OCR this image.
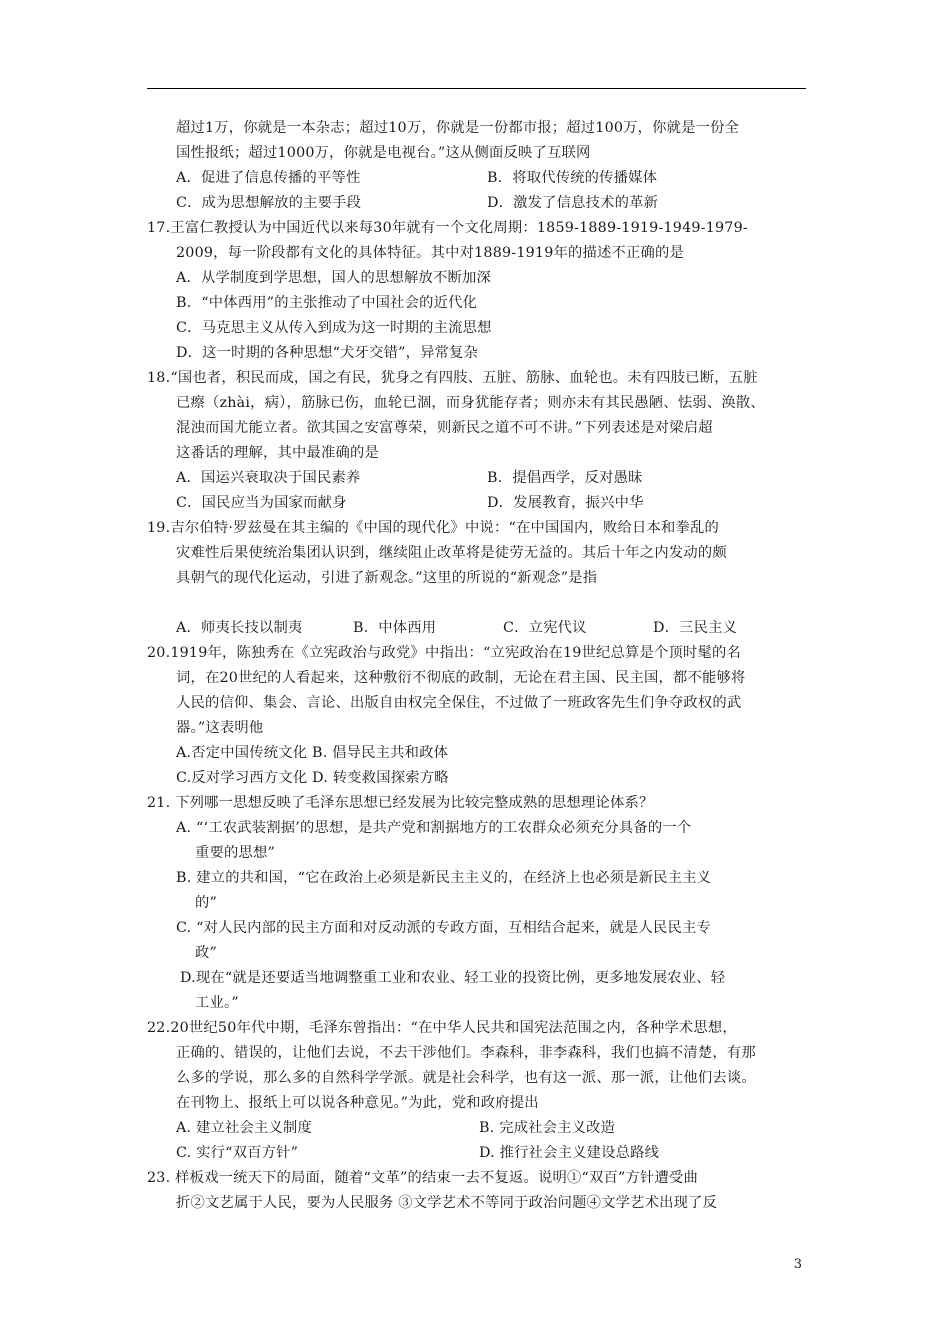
超过1万，你就是一本杂志；超过10万，你就是一份都市报；超过100万，你就是一份全
国性报纸；超过1000万，你就是电视台。”这从侧面反映了互联网
A．促进了信息传播的平等性	B．将取代传统的传播媒体
C．成为思想解放的主要手段	D．激发了信息技术的革新
17.王富仁教授认为中国近代以来每30年就有一个文化周期：1859-1889-1919-1949-1979-
2009，每一阶段都有文化的具体特征。其中对1889-1919年的描述不正确的是
A．从学制度到学思想，国人的思想解放不断加深
B．“中体西用”的主张推动了中国社会的近代化
C．马克思主义从传入到成为这一时期的主流思想
D．这一时期的各种思想“犬牙交错”，异常复杂
18.“国也者，积民而成，国之有民，犹身之有四肢、五脏、筋脉、血轮也。未有四肢已断，五脏
已瘵（zhài，病），筋脉已伤，血轮已涸，而身犹能存者；则亦未有其民愚陋、怯弱、涣散、
混浊而国尤能立者。欲其国之安富尊荣，则新民之道不可不讲。”下列表述是对梁启超
这番话的理解，其中最准确的是
A．国运兴衰取决于国民素养	B．提倡西学，反对愚昧
C．国民应当为国家而献身	D．发展教育，振兴中华
19.吉尔伯特·罗兹曼在其主编的《中国的现代化》中说：“在中国国内，败给日本和拳乱的
灾难性后果使统治集团认识到，继续阻止改革将是徒劳无益的。其后十年之内发动的颇
具朝气的现代化运动，引进了新观念。”这里的所说的“新观念”是指
A．师夷长技以制夷	B．中体西用	C．立宪代议	D．三民主义
20.1919年，陈独秀在《立宪政治与政党》中指出：“立宪政治在19世纪总算是个顶时髦的名
词，在20世纪的人看起来，这种敷衍不彻底的政制，无论在君主国、民主国，都不能够将
人民的信仰、集会、言论、出版自由权完全保住，不过做了一班政客先生们争夺政权的武
器。”这表明他
A.否定中国传统文化 B. 倡导民主共和政体
C.反对学习西方文化 D. 转变救国探索方略
21. 下列哪一思想反映了毛泽东思想已经发展为比较完整成熟的思想理论体系？
A. “‘工农武装割据’的思想，是共产党和割据地方的工农群众必须充分具备的一个
重要的思想”
B. 建立的共和国，“它在政治上必须是新民主主义的，在经济上也必须是新民主主义
的”
C. “对人民内部的民主方面和对反动派的专政方面，互相结合起来，就是人民民主专
政”
D.现在“就是还要适当地调整重工业和农业、轻工业的投资比例，更多地发展农业、轻
工业。”
22.20世纪50年代中期，毛泽东曾指出：“在中华人民共和国宪法范围之内，各种学术思想，
正确的、错误的，让他们去说，不去干涉他们。李森科，非李森科，我们也搞不清楚，有那
么多的学说，那么多的自然科学学派。就是社会科学，也有这一派、那一派，让他们去谈。
在刊物上、报纸上可以说各种意见。”为此，党和政府提出
A. 建立社会主义制度	B. 完成社会主义改造
C. 实行“双百方针”	D. 推行社会主义建设总路线
23. 样板戏一统天下的局面，随着“文革”的结束一去不复返。说明①“双百”方针遭受曲
折②文艺属于人民，要为人民服务 ③文学艺术不等同于政治问题④文学艺术出现了反
3
